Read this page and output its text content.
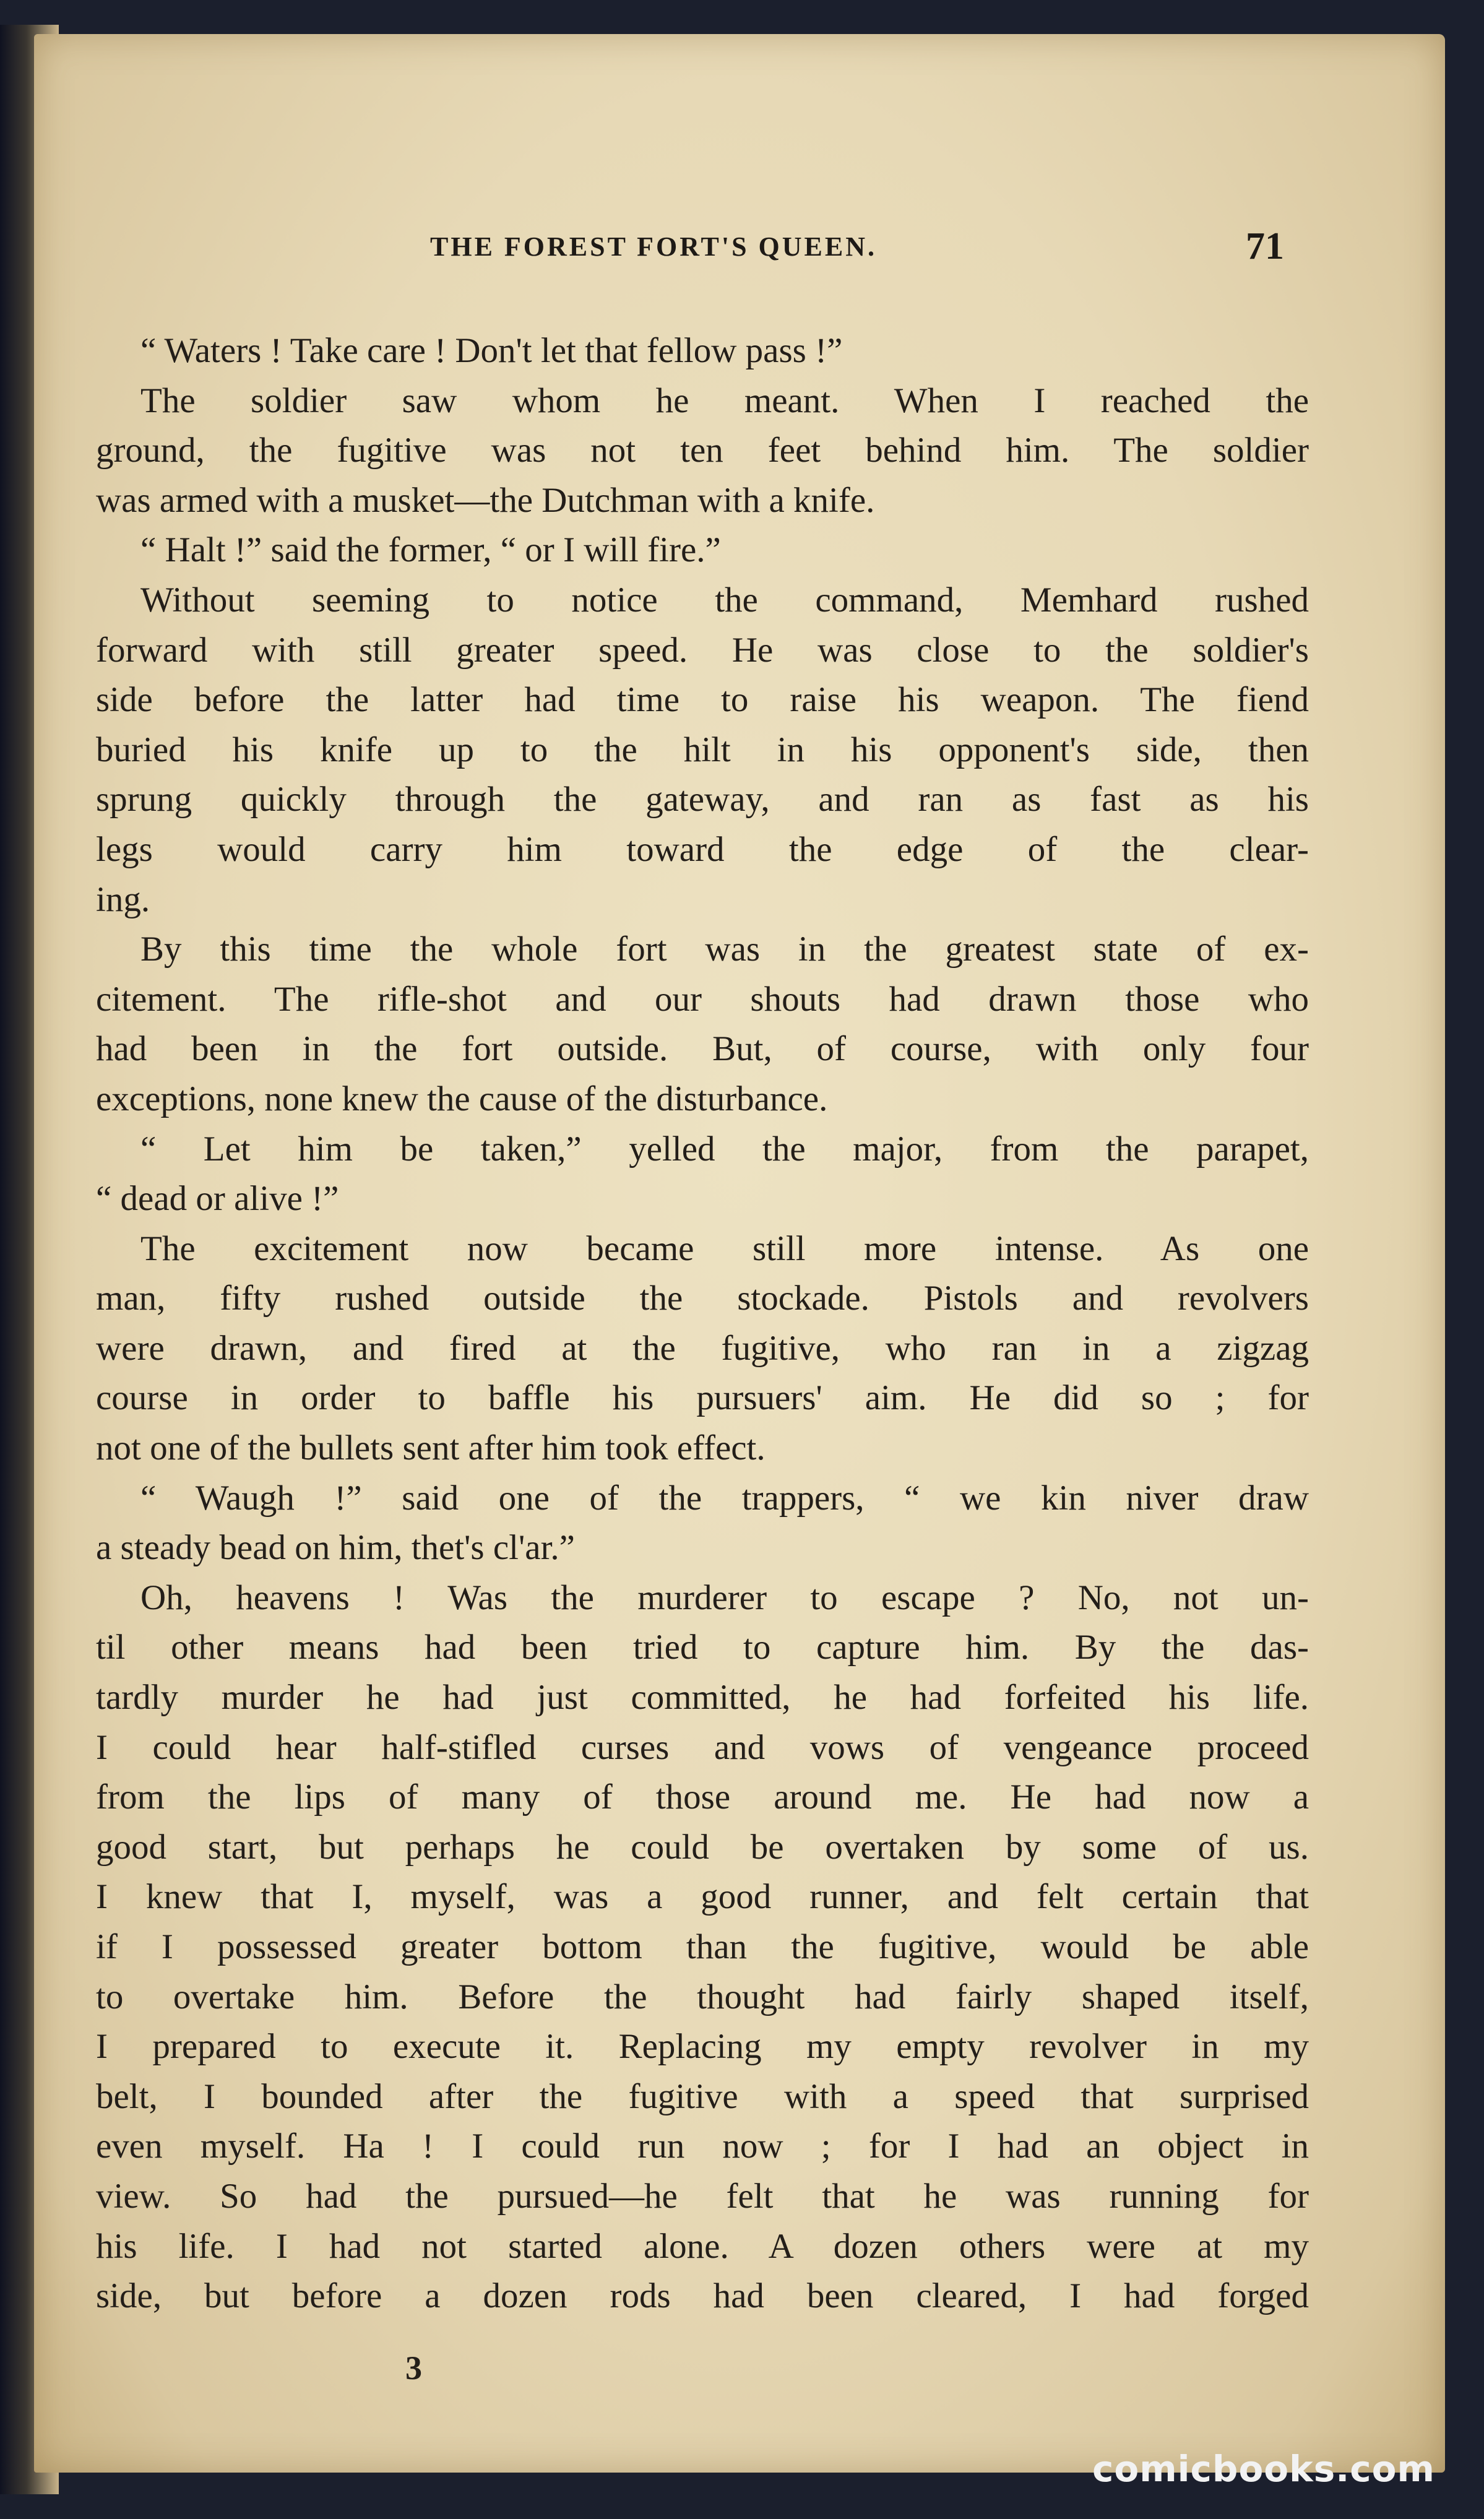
THE FOREST FORT'S QUEEN.	71
“ Waters ! Take care ! Don't let that fellow pass !”
The soldier saw whom he meant. When I reached the
ground, the fugitive was not ten feet behind him. The soldier
was armed with a musket—the Dutchman with a knife.
“ Halt !” said the former, “ or I will fire.”
Without seeming to notice the command, Memhard rushed
forward with still greater speed. He was close to the soldier's
side before the latter had time to raise his weapon. The fiend
buried his knife up to the hilt in his opponent's side, then
sprung quickly through the gateway, and ran as fast as his
legs would carry him toward the edge of the clear-
ing.
By this time the whole fort was in the greatest state of ex-
citement. The rifle-shot and our shouts had drawn those who
had been in the fort outside. But, of course, with only four
exceptions, none knew the cause of the disturbance.
“ Let him be taken,” yelled the major, from the parapet,
“ dead or alive !”
The excitement now became still more intense. As one
man, fifty rushed outside the stockade. Pistols and revolvers
were drawn, and fired at the fugitive, who ran in a zigzag
course in order to baffle his pursuers' aim. He did so ; for
not one of the bullets sent after him took effect.
“ Waugh !” said one of the trappers, “ we kin niver draw
a steady bead on him, thet's cl'ar.”
Oh, heavens ! Was the murderer to escape ? No, not un-
til other means had been tried to capture him. By the das-
tardly murder he had just committed, he had forfeited his life.
I could hear half-stifled curses and vows of vengeance proceed
from the lips of many of those around me. He had now a
good start, but perhaps he could be overtaken by some of us.
I knew that I, myself, was a good runner, and felt certain that
if I possessed greater bottom than the fugitive, would be able
to overtake him. Before the thought had fairly shaped itself,
I prepared to execute it. Replacing my empty revolver in my
belt, I bounded after the fugitive with a speed that surprised
even myself. Ha ! I could run now ; for I had an object in
view. So had the pursued—he felt that he was running for
his life. I had not started alone. A dozen others were at my
side, but before a dozen rods had been cleared, I had forged
3
comicbooks.com
